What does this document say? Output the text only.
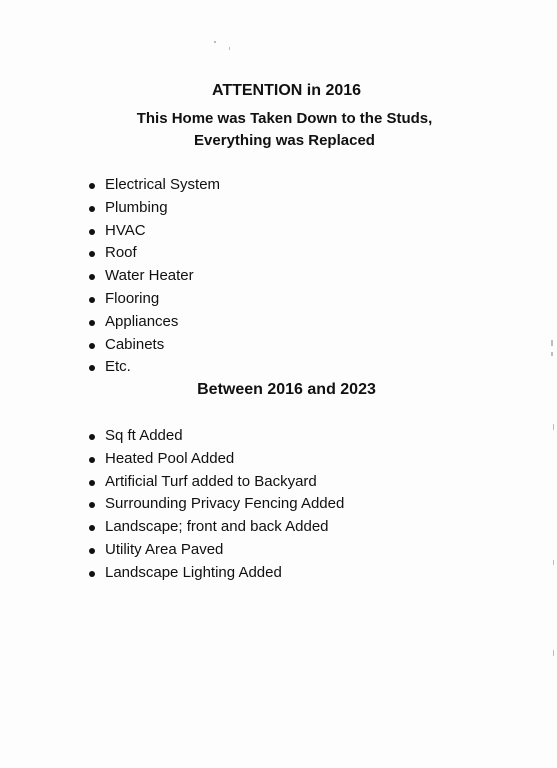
ATTENTION in 2016
This Home was Taken Down to the Studs,
Everything was Replaced
Electrical System
Plumbing
HVAC
Roof
Water Heater
Flooring
Appliances
Cabinets
Etc.
Between 2016 and 2023
Sq ft Added
Heated Pool Added
Artificial Turf added to Backyard
Surrounding Privacy Fencing Added
Landscape; front and back Added
Utility Area Paved
Landscape Lighting Added
